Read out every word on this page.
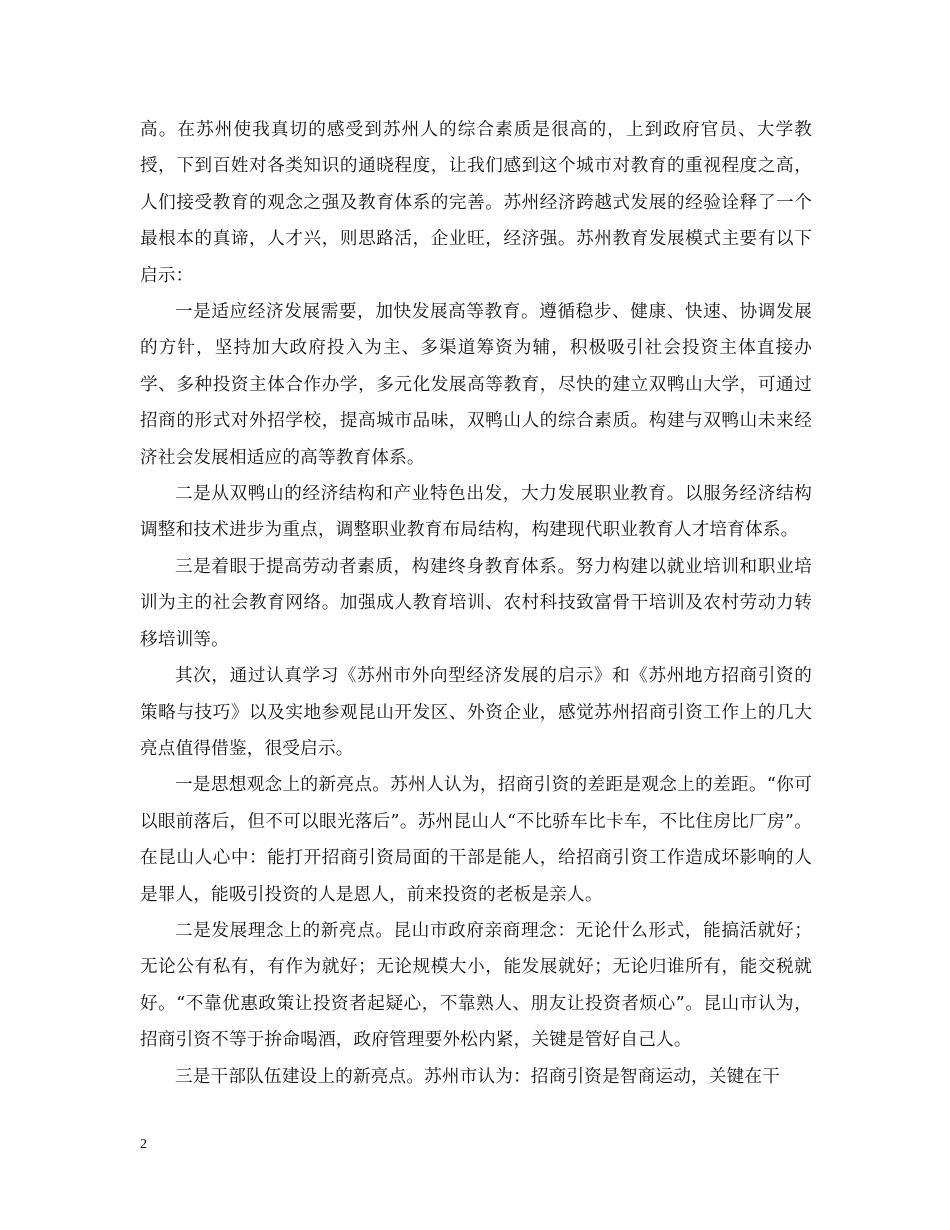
高。在苏州使我真切的感受到苏州人的综合素质是很高的，上到政府官员、大学教授，下到百姓对各类知识的通晓程度，让我们感到这个城市对教育的重视程度之高，人们接受教育的观念之强及教育体系的完善。苏州经济跨越式发展的经验诠释了一个最根本的真谛，人才兴，则思路活，企业旺，经济强。苏州教育发展模式主要有以下启示：

一是适应经济发展需要，加快发展高等教育。遵循稳步、健康、快速、协调发展的方针，坚持加大政府投入为主、多渠道筹资为辅，积极吸引社会投资主体直接办学、多种投资主体合作办学，多元化发展高等教育，尽快的建立双鸭山大学，可通过招商的形式对外招学校，提高城市品味，双鸭山人的综合素质。构建与双鸭山未来经济社会发展相适应的高等教育体系。

二是从双鸭山的经济结构和产业特色出发，大力发展职业教育。以服务经济结构调整和技术进步为重点，调整职业教育布局结构，构建现代职业教育人才培育体系。

三是着眼于提高劳动者素质，构建终身教育体系。努力构建以就业培训和职业培训为主的社会教育网络。加强成人教育培训、农村科技致富骨干培训及农村劳动力转移培训等。

其次，通过认真学习《苏州市外向型经济发展的启示》和《苏州地方招商引资的策略与技巧》以及实地参观昆山开发区、外资企业，感觉苏州招商引资工作上的几大亮点值得借鉴，很受启示。

一是思想观念上的新亮点。苏州人认为，招商引资的差距是观念上的差距。“你可以眼前落后，但不可以眼光落后”。苏州昆山人“不比骄车比卡车，不比住房比厂房”。在昆山人心中：能打开招商引资局面的干部是能人，给招商引资工作造成坏影响的人是罪人，能吸引投资的人是恩人，前来投资的老板是亲人。

二是发展理念上的新亮点。昆山市政府亲商理念：无论什么形式，能搞活就好；无论公有私有，有作为就好；无论规模大小，能发展就好；无论归谁所有，能交税就好。“不靠优惠政策让投资者起疑心，不靠熟人、朋友让投资者烦心”。昆山市认为，招商引资不等于拚命喝酒，政府管理要外松内紧，关键是管好自己人。

三是干部队伍建设上的新亮点。苏州市认为：招商引资是智商运动，关键在干

2
